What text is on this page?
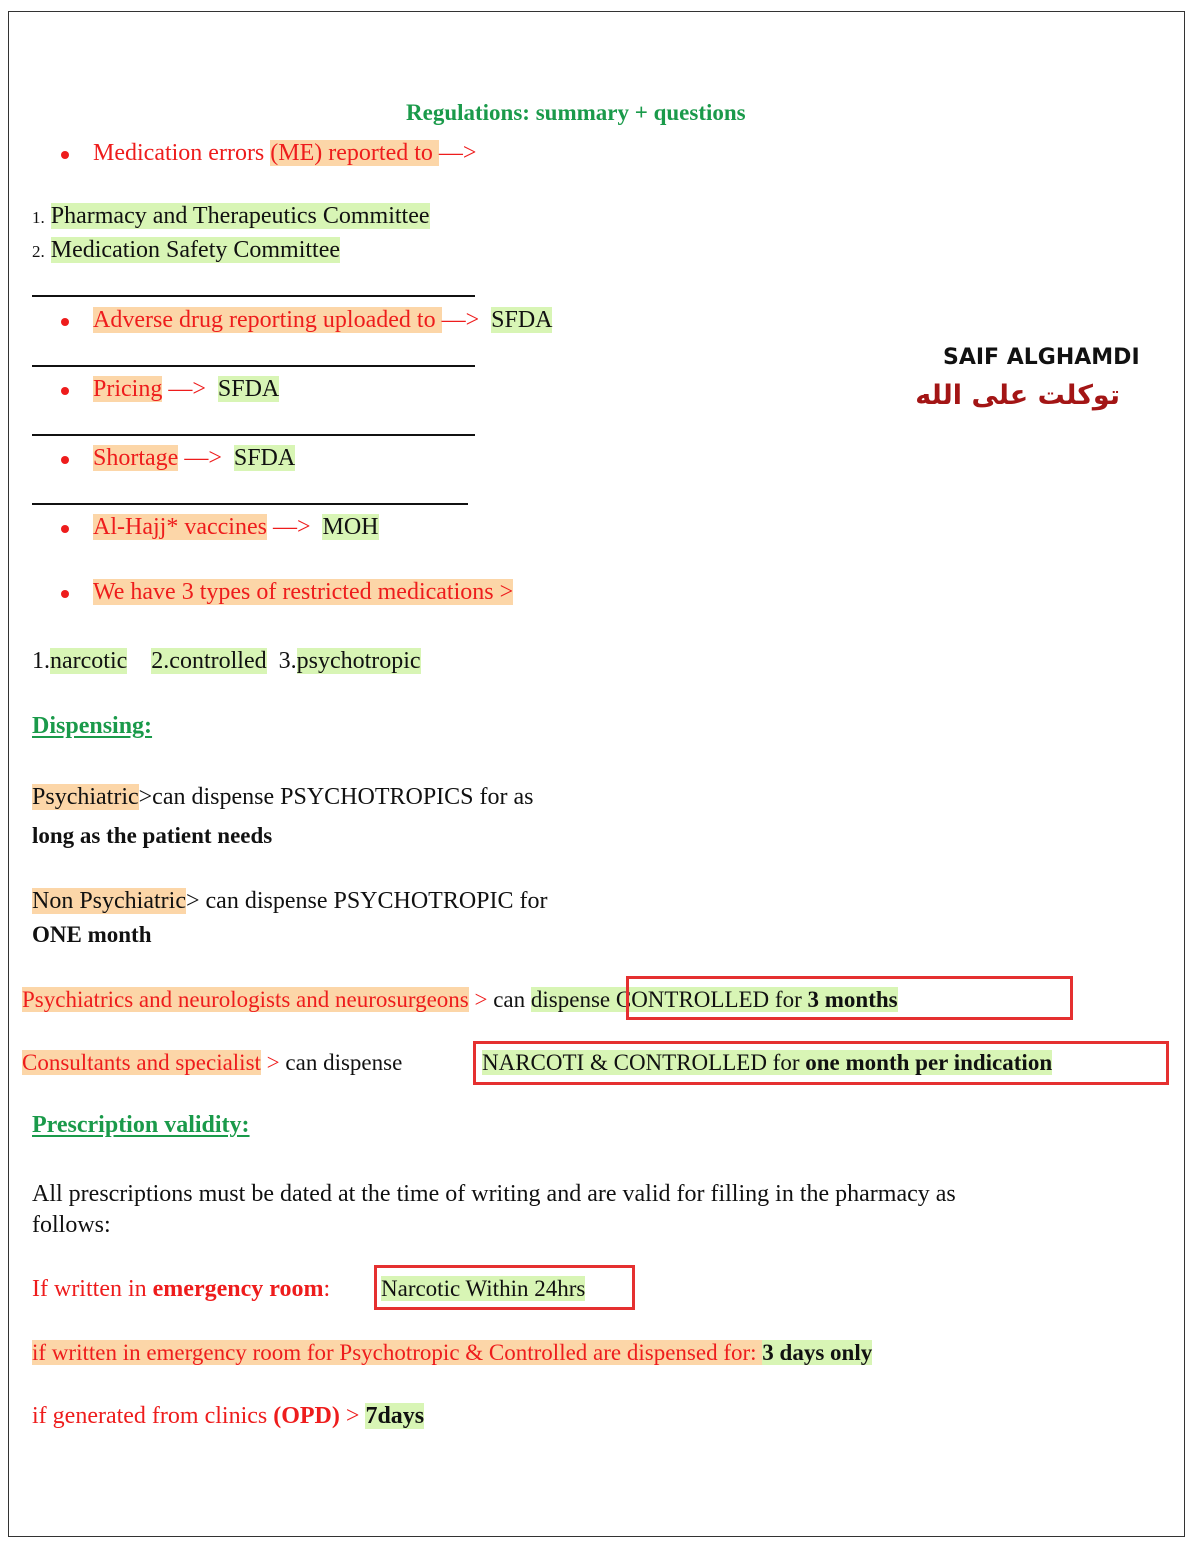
Regulations: summary + questions
Medication errors (ME) reported to —>
1. Pharmacy and Therapeutics Committee
2. Medication Safety Committee
Adverse drug reporting uploaded to —> SFDA
Pricing —> SFDA
Shortage —> SFDA
Al-Hajj* vaccines —> MOH
We have 3 types of restricted medications >
1.narcotic 2.controlled 3.psychotropic
SAIF ALGHAMDI
توكلت على الله
Dispensing:
Psychiatric>can dispense PSYCHOTROPICS for as
long as the patient needs
Non Psychiatric> can dispense PSYCHOTROPIC for
ONE month
Psychiatrics and neurologists and neurosurgeons > can dispense CONTROLLED for 3 months
Consultants and specialist > can dispense	NARCOTI & CONTROLLED for one month per indication
Prescription validity:
All prescriptions must be dated at the time of writing and are valid for filling in the pharmacy as
follows:
If written in emergency room: Narcotic Within 24hrs
if written in emergency room for Psychotropic & Controlled are dispensed for: 3 days only
if generated from clinics (OPD) > 7days
